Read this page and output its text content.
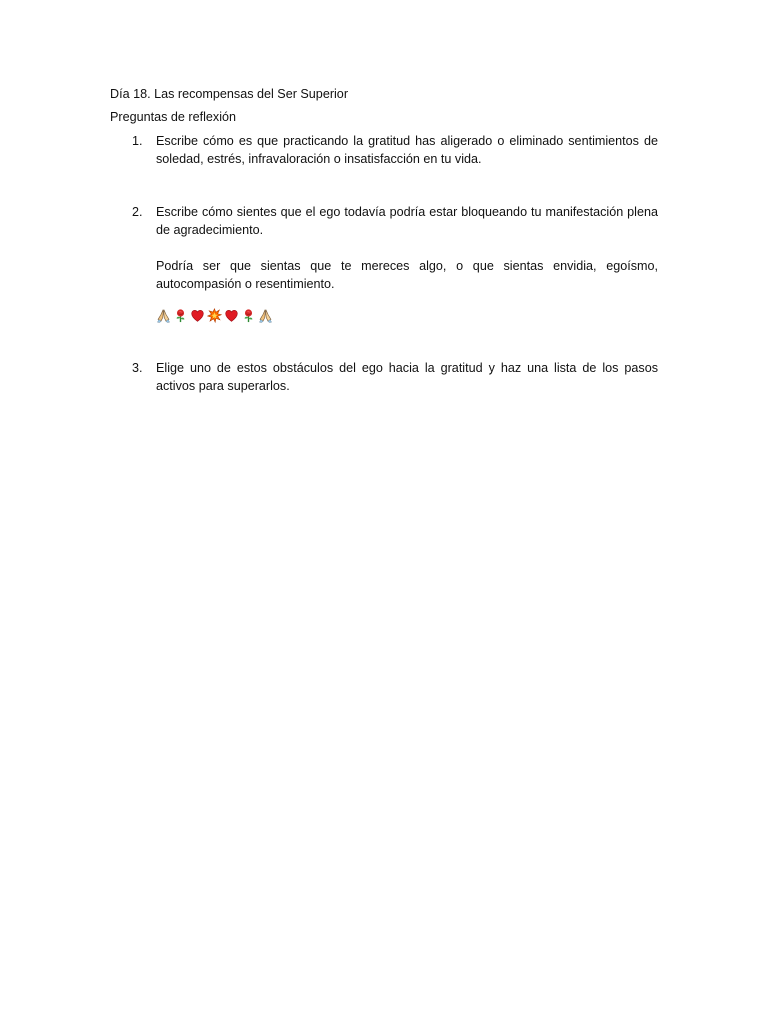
Día 18. Las recompensas del Ser Superior

Preguntas de reflexión

1.	Escribe cómo es que practicando la gratitud has aligerado o eliminado sentimientos de soledad, estrés, infravaloración o insatisfacción en tu vida.

2.	Escribe cómo sientes que el ego todavía podría estar bloqueando tu manifestación plena de agradecimiento.

Podría ser que sientas que te mereces algo, o que sientas envidia, egoísmo, autocompasión o resentimiento.

3.	Elige uno de estos obstáculos del ego hacia la gratitud y haz una lista de los pasos activos para superarlos.
